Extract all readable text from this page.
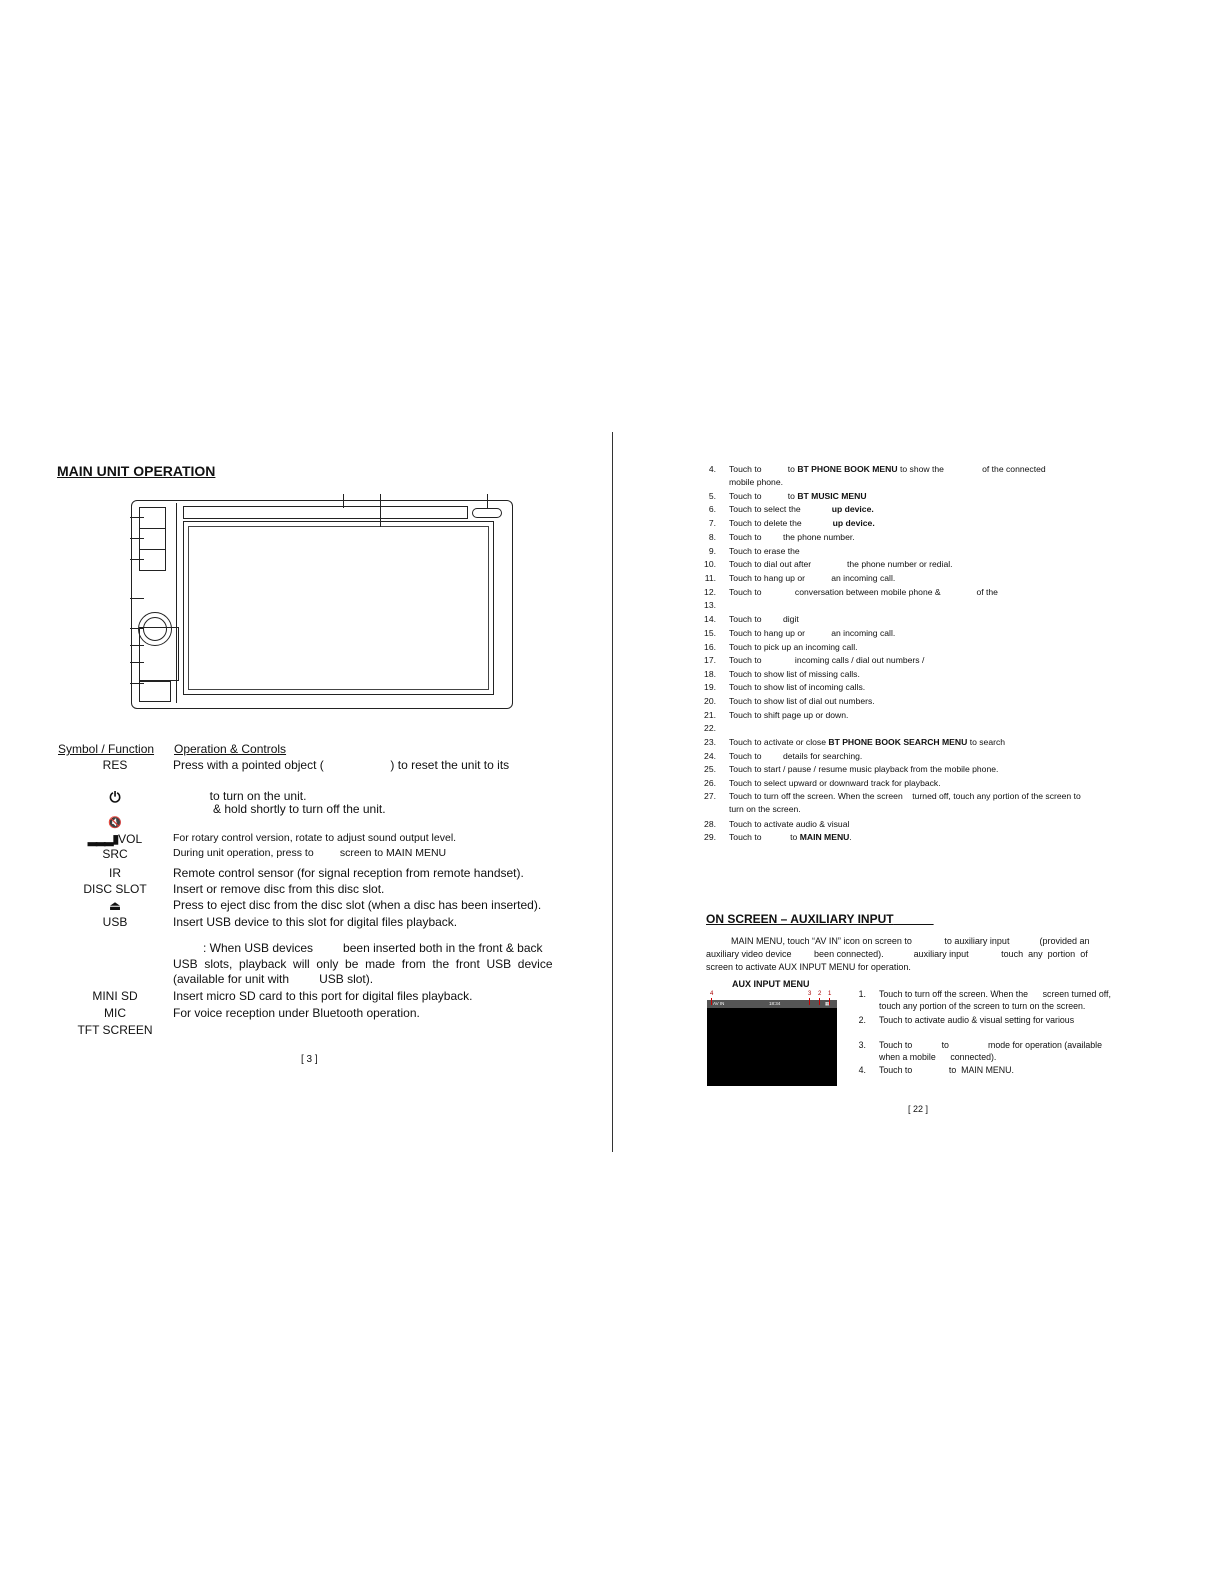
MAIN UNIT OPERATION
Symbol / Function Operation & Controls
RES	Press with a pointed object (                    ) to reset the unit to its
⏻	to turn on the unit.
& hold shortly to turn off the unit.
🔇
▂▂▂▮VOL	For rotary control version, rotate to adjust sound output level.
SRC	During unit operation, press to         screen to MAIN MENU
IR	Remote control sensor (for signal reception from remote handset).
DISC SLOT	Insert or remove disc from this disc slot.
⏏	Press to eject disc from the disc slot (when a disc has been inserted).
USB	Insert USB device to this slot for digital files playback.
: When USB devices         been inserted both in the front & back
USB  slots,  playback  will  only  be  made  from  the  front  USB  device
(available for unit with         USB slot).
MINI SD	Insert micro SD card to this port for digital files playback.
MIC	For voice reception under Bluetooth operation.
TFT SCREEN
[ 3 ]
4. Touch to           to BT PHONE BOOK MENU to show the                of the connected
mobile phone.
5. Touch to           to BT MUSIC MENU
6. Touch to select the             up device.
7. Touch to delete the             up device.
8. Touch to         the phone number.
9. Touch to erase the
10. Touch to dial out after               the phone number or redial.
11. Touch to hang up or           an incoming call.
12. Touch to              conversation between mobile phone &               of the
13.
14. Touch to         digit
15. Touch to hang up or           an incoming call.
16. Touch to pick up an incoming call.
17. Touch to              incoming calls / dial out numbers /
18. Touch to show list of missing calls.
19. Touch to show list of incoming calls.
20. Touch to show list of dial out numbers.
21. Touch to shift page up or down.
22.
23. Touch to activate or close BT PHONE BOOK SEARCH MENU to search
24. Touch to         details for searching.
25. Touch to start / pause / resume music playback from the mobile phone.
26. Touch to select upward or downward track for playback.
27. Touch to turn off the screen. When the screen    turned off, touch any portion of the screen to
turn on the screen.
28. Touch to activate audio & visual
29. Touch to            to MAIN MENU.
ON SCREEN – AUXILIARY INPUT
MAIN MENU, touch “AV IN” icon on screen to             to auxiliary input            (provided an
auxiliary video device         been connected).            auxiliary input             touch  any  portion  of
screen to activate AUX INPUT MENU for operation.
AUX INPUT MENU
AV IN	18:34	▦
4	3 2 1	1. Touch to turn off the screen. When the      screen turned off,
touch any portion of the screen to turn on the screen.
2. Touch to activate audio & visual setting for various
3. Touch to            to                mode for operation (available
when a mobile      connected).
4. Touch to               to  MAIN MENU.
[ 22 ]
